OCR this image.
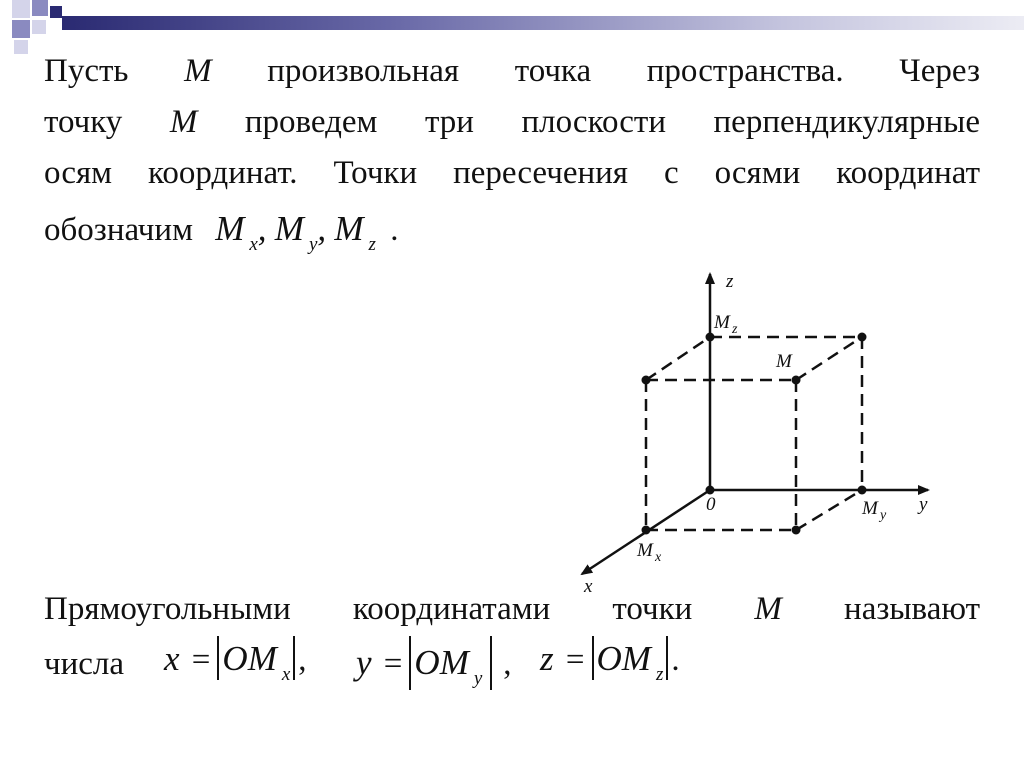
Пусть M произвольная точка пространства. Через
точку M проведем три плоскости перпендикулярные
осям координат. Точки пересечения с осями координат
обозначим M $_x$, M $_y$, M $_z$ .
z
y
x
0
M
M z
M y
M x
Прямоугольными координатами точки M называют
числа	x = OM $_x$ , y = OM $_y$ , z = OM $_z$ .
